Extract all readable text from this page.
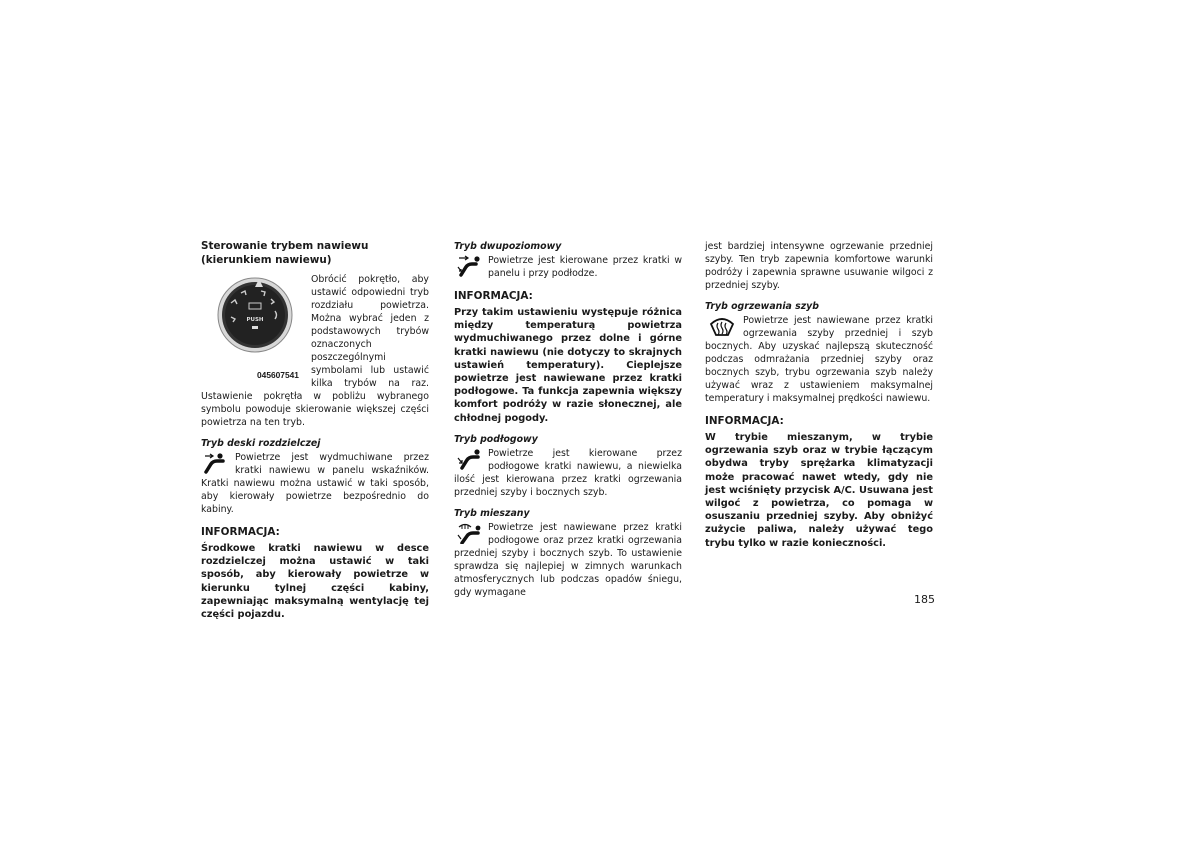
Sterowanie trybem nawiewu (kierunkiem nawiewu)
PUSH
045607541

Obrócić pokrętło, aby ustawić odpowiedni tryb rozdziału powietrza. Można wybrać jeden z podstawowych trybów oznaczonych poszczególnymi symbolami lub ustawić kilka trybów na raz. Ustawienie pokrętła w pobliżu wybranego symbolu powoduje skierowanie większej części powietrza na ten tryb.

Tryb deski rozdzielczej

Powietrze jest wydmuchiwane przez kratki nawiewu w panelu wskaźników. Kratki nawiewu można ustawić w taki sposób, aby kierowały powietrze bezpośrednio do kabiny.

INFORMACJA:

Środkowe kratki nawiewu w desce rozdzielczej można ustawić w taki sposób, aby kierowały powietrze w kierunku tylnej części kabiny, zapewniając maksymalną wentylację tej części pojazdu.

Tryb dwupoziomowy

Powietrze jest kierowane przez kratki w panelu i przy podłodze.

INFORMACJA:

Przy takim ustawieniu występuje różnica między temperaturą powietrza wydmuchiwanego przez dolne i górne kratki nawiewu (nie dotyczy to skrajnych ustawień temperatury). Cieplejsze powietrze jest nawiewane przez kratki podłogowe. Ta funkcja zapewnia większy komfort podróży w razie słonecznej, ale chłodnej pogody.

Tryb podłogowy

Powietrze jest kierowane przez podłogowe kratki nawiewu, a niewielka ilość jest kierowana przez kratki ogrzewania przedniej szyby i bocznych szyb.

Tryb mieszany

Powietrze jest nawiewane przez kratki podłogowe oraz przez kratki ogrzewania przedniej szyby i bocznych szyb. To ustawienie sprawdza się najlepiej w zimnych warunkach atmosferycznych lub podczas opadów śniegu, gdy wymagane

jest bardziej intensywne ogrzewanie przedniej szyby. Ten tryb zapewnia komfortowe warunki podróży i zapewnia sprawne usuwanie wilgoci z przedniej szyby.

Tryb ogrzewania szyb

Powietrze jest nawiewane przez kratki ogrzewania szyby przedniej i szyb bocznych. Aby uzyskać najlepszą skuteczność podczas odmrażania przedniej szyby oraz bocznych szyb, trybu ogrzewania szyb należy używać wraz z ustawieniem maksymalnej temperatury i maksymalnej prędkości nawiewu.

INFORMACJA:

W trybie mieszanym, w trybie ogrzewania szyb oraz w trybie łączącym obydwa tryby sprężarka klimatyzacji może pracować nawet wtedy, gdy nie jest wciśnięty przycisk A/C. Usuwana jest wilgoć z powietrza, co pomaga w osuszaniu przedniej szyby. Aby obniżyć zużycie paliwa, należy używać tego trybu tylko w razie konieczności.

185
